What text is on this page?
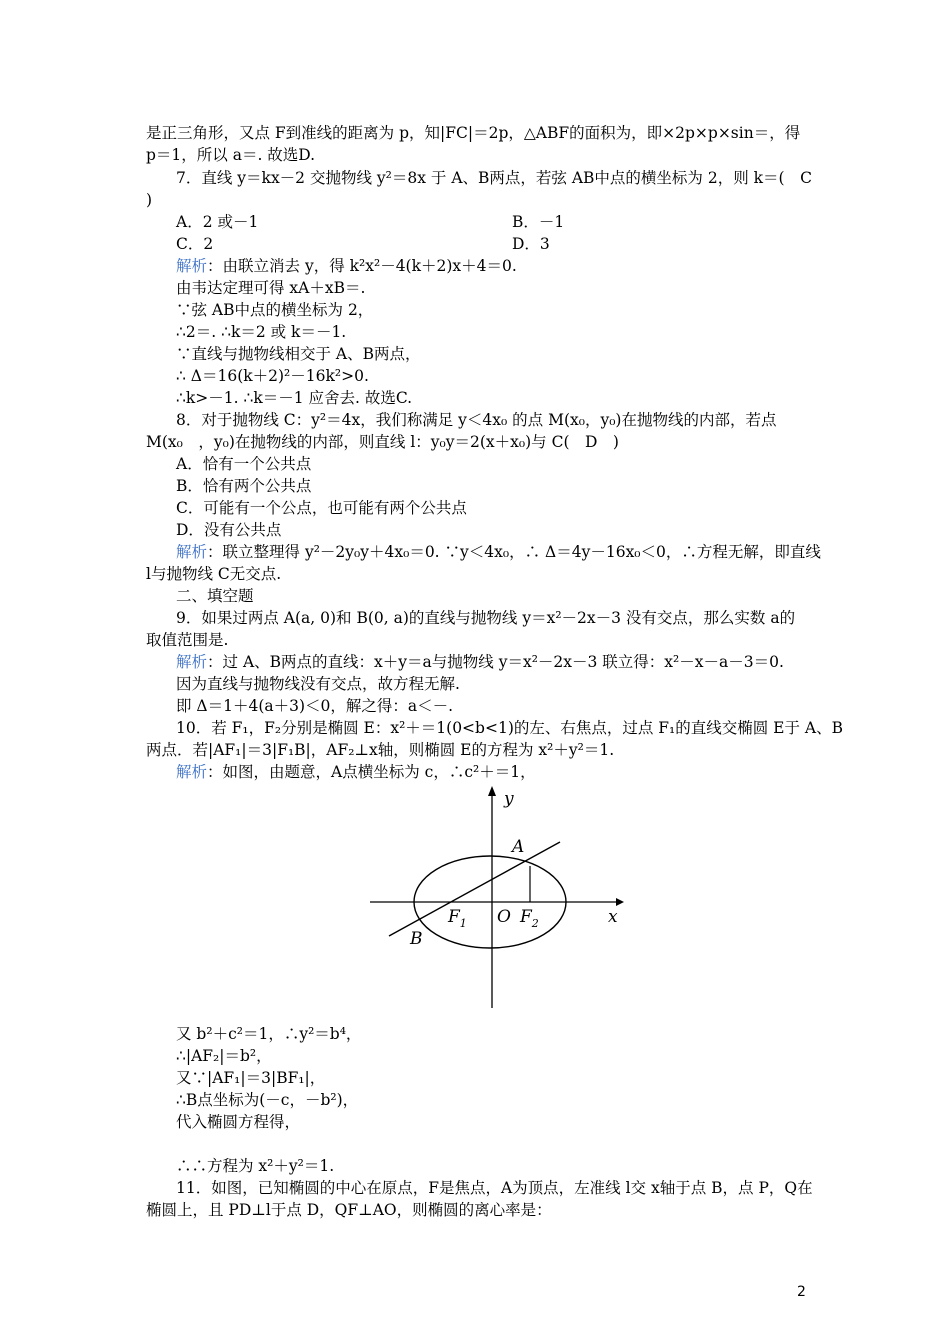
是正三角形，又点 F到准线的距离为 p，知|FC|＝2p，△ABF的面积为，即×2p×p×sin＝，得
p＝1，所以 a＝. 故选D.
7．直线 y＝kx－2 交抛物线 y²＝8x 于 A、B两点，若弦 AB中点的横坐标为 2，则 k＝(　C
)
A．2 或－1	B．－1
C．2	D．3
解析：由联立消去 y，得 k²x²－4(k＋2)x＋4＝0.
由韦达定理可得 xA＋xB＝.
∵弦 AB中点的横坐标为 2，
∴2＝. ∴k＝2 或 k＝－1.
∵直线与抛物线相交于 A、B两点，
∴ Δ＝16(k＋2)²－16k²>0.
∴k>－1. ∴k＝－1 应舍去. 故选C.
8．对于抛物线 C：y²＝4x，我们称满足 y＜4x₀ 的点 M(x₀，y₀)在抛物线的内部，若点
M(x₀　，y₀)在抛物线的内部，则直线 l：y₀y＝2(x＋x₀)与 C(　D　)
A．恰有一个公共点
B．恰有两个公共点
C．可能有一个公点，也可能有两个公共点
D．没有公共点
解析：联立整理得 y²－2y₀y＋4x₀＝0. ∵y＜4x₀，∴ Δ＝4y－16x₀＜0，∴方程无解，即直线
l与抛物线 C无交点.
二、填空题
9．如果过两点 A(a, 0)和 B(0, a)的直线与抛物线 y＝x²－2x－3 没有交点，那么实数 a的
取值范围是.
解析：过 A、B两点的直线：x＋y＝a与抛物线 y＝x²－2x－3 联立得：x²－x－a－3＝0.
因为直线与抛物线没有交点，故方程无解.
即 Δ＝1＋4(a＋3)＜0，解之得：a＜－.
10．若 F₁，F₂分别是椭圆 E：x²＋＝1(0<b<1)的左、右焦点，过点 F₁的直线交椭圆 E于 A、B
两点．若|AF₁|＝3|F₁B|，AF₂⊥x轴，则椭圆 E的方程为 x²＋y²＝1.
解析：如图，由题意，A点横坐标为 c，∴c²＋＝1，
A
B
$F_1$ O $F_2$	x
y
又 b²＋c²＝1，∴y²＝b⁴，
∴|AF₂|＝b²，
又∵|AF₁|＝3|BF₁|，
∴B点坐标为(－c，－b²)，
代入椭圆方程得，
∴∴方程为 x²＋y²＝1.
11．如图，已知椭圆的中心在原点，F是焦点，A为顶点，左准线 l交 x轴于点 B，点 P，Q在
椭圆上，且 PD⊥l于点 D，QF⊥AO，则椭圆的离心率是：
2
